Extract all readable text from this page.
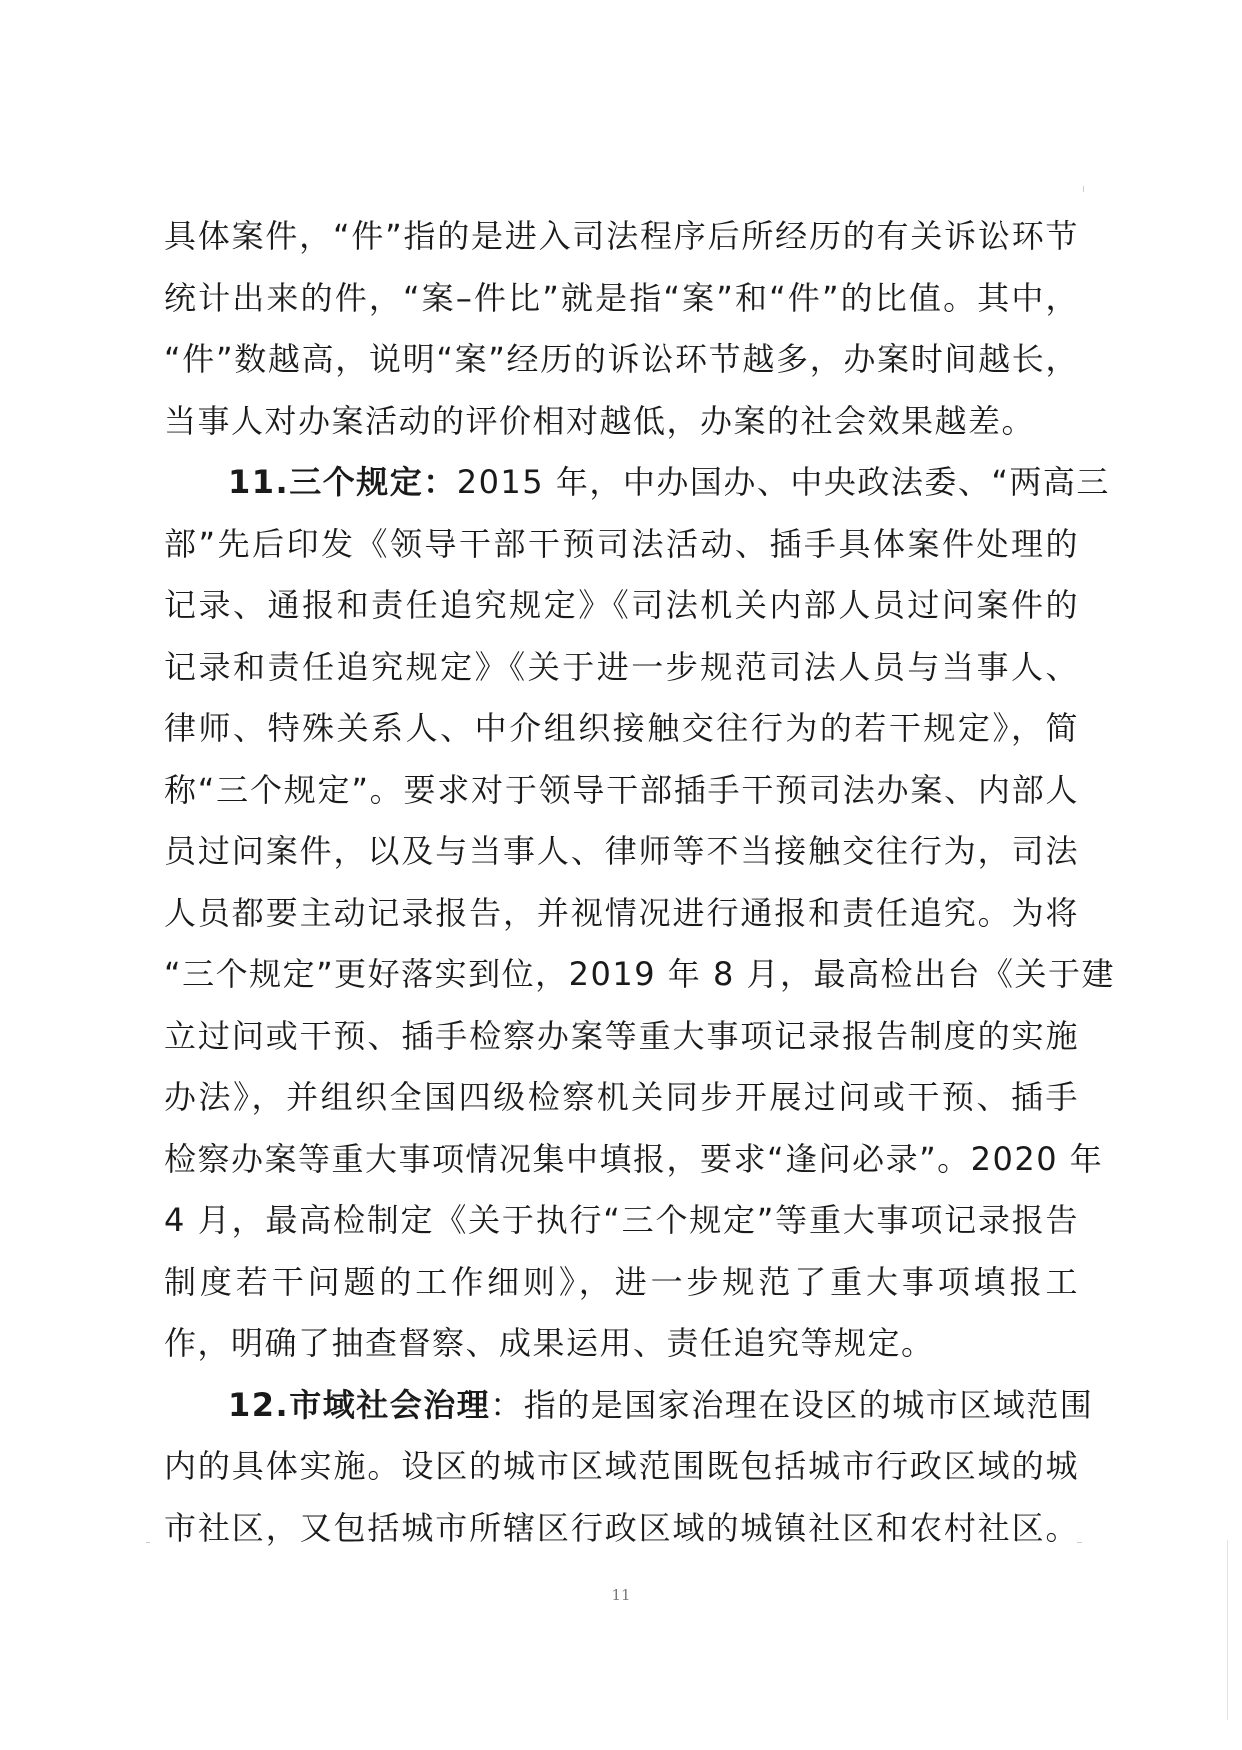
具体案件，“件”指的是进入司法程序后所经历的有关诉讼环节
统计出来的件，“案–件比”就是指“案”和“件”的比值。其中，
“件”数越高，说明“案”经历的诉讼环节越多，办案时间越长，
当事人对办案活动的评价相对越低，办案的社会效果越差。
11.三个规定：2015 年，中办国办、中央政法委、“两高三
部”先后印发《领导干部干预司法活动、插手具体案件处理的
记录、通报和责任追究规定》《司法机关内部人员过问案件的
记录和责任追究规定》《关于进一步规范司法人员与当事人、
律师、特殊关系人、中介组织接触交往行为的若干规定》，简
称“三个规定”。要求对于领导干部插手干预司法办案、内部人
员过问案件，以及与当事人、律师等不当接触交往行为，司法
人员都要主动记录报告，并视情况进行通报和责任追究。为将
“三个规定”更好落实到位，2019 年 8 月，最高检出台《关于建
立过问或干预、插手检察办案等重大事项记录报告制度的实施
办法》，并组织全国四级检察机关同步开展过问或干预、插手
检察办案等重大事项情况集中填报，要求“逢问必录”。2020 年
4 月，最高检制定《关于执行“三个规定”等重大事项记录报告
制度若干问题的工作细则》，进一步规范了重大事项填报工
作，明确了抽查督察、成果运用、责任追究等规定。
12.市域社会治理：指的是国家治理在设区的城市区域范围
内的具体实施。设区的城市区域范围既包括城市行政区域的城
市社区，又包括城市所辖区行政区域的城镇社区和农村社区。
11
